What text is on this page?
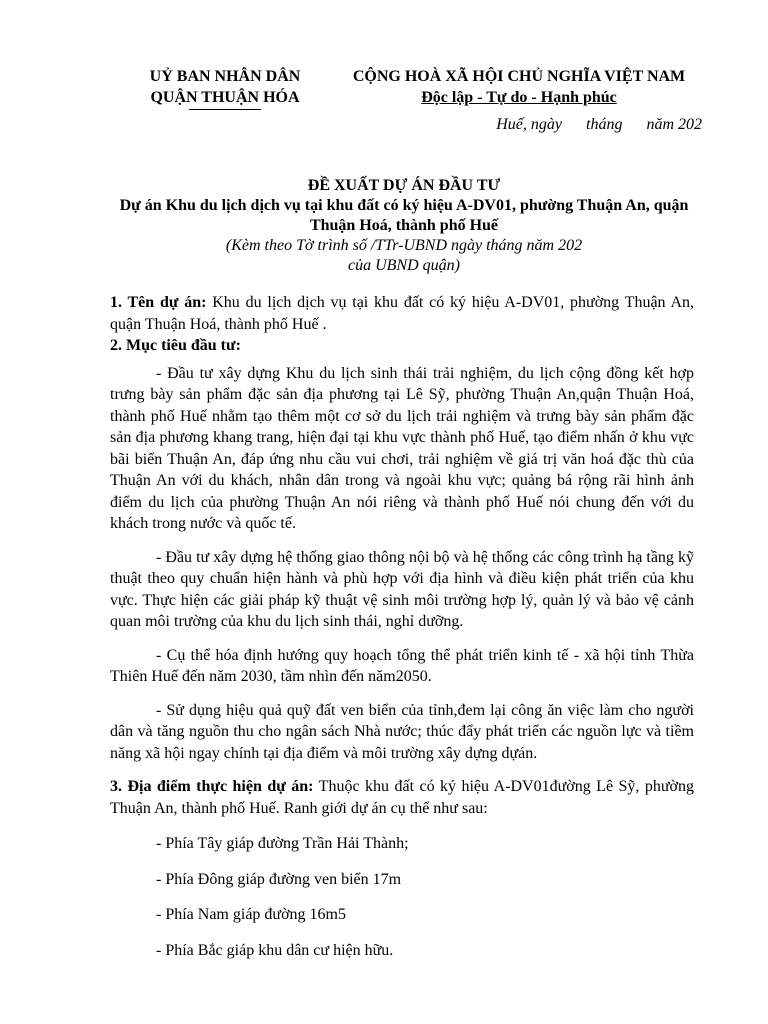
UỶ BAN NHÂN DÂN
QUẬN THUẬN HÓA
CỘNG HOÀ XÃ HỘI CHỦ NGHĨA VIỆT NAM
Độc lập - Tự do - Hạnh phúc
Huế, ngày      tháng      năm 202
ĐỀ XUẤT DỰ ÁN ĐẦU TƯ
Dự án Khu du lịch dịch vụ tại khu đất có ký hiệu A-DV01, phường Thuận An, quận Thuận Hoá, thành phố Huế
(Kèm theo Tờ trình số /TTr-UBND ngày tháng năm 202
của UBND quận)

1. Tên dự án: Khu du lịch dịch vụ tại khu đất có ký hiệu A-DV01, phường Thuận An, quận Thuận Hoá, thành phố Huế .

2. Mục tiêu đầu tư:

- Đầu tư xây dựng Khu du lịch sinh thái trải nghiệm, du lịch cộng đồng kết hợp trưng bày sản phẩm đặc sản địa phương tại Lê Sỹ, phường Thuận An,quận Thuận Hoá, thành phố Huế nhằm tạo thêm một cơ sở du lịch trải nghiệm và trưng bày sản phẩm đặc sản địa phương khang trang, hiện đại tại khu vực thành phố Huế, tạo điểm nhấn ở khu vực bãi biển Thuận An, đáp ứng nhu cầu vui chơi, trải nghiệm về giá trị văn hoá đặc thù của Thuận An với du khách, nhân dân trong và ngoài khu vực; quảng bá rộng rãi hình ảnh điểm du lịch của phường Thuận An nói riêng và thành phố Huế nói chung đến với du khách trong nước và quốc tế.

- Đầu tư xây dựng hệ thống giao thông nội bộ và hệ thống các công trình hạ tầng kỹ thuật theo quy chuẩn hiện hành và phù hợp với địa hình và điều kiện phát triển của khu vực. Thực hiện các giải pháp kỹ thuật vệ sinh môi trường hợp lý, quản lý và bảo vệ cảnh quan môi trường của khu du lịch sinh thái, nghỉ dưỡng.

- Cụ thể hóa định hướng quy hoạch tổng thể phát triển kinh tế - xã hội tỉnh Thừa Thiên Huế đến năm 2030, tầm nhìn đến năm2050.

- Sử dụng hiệu quả quỹ đất ven biển của tỉnh,đem lại công ăn việc làm cho người dân và tăng nguồn thu cho ngân sách Nhà nước; thúc đẩy phát triển các nguồn lực và tiềm năng xã hội ngay chính tại địa điểm và môi trường xây dựng dựán.

3. Địa điểm thực hiện dự án: Thuộc khu đất có ký hiệu A-DV01đường Lê Sỹ, phường Thuận An, thành phố Huế. Ranh giới dự án cụ thể như sau:

- Phía Tây giáp đường Trần Hải Thành;

- Phía Đông giáp đường ven biển 17m

- Phía Nam giáp đường 16m5

- Phía Bắc giáp khu dân cư hiện hữu.
